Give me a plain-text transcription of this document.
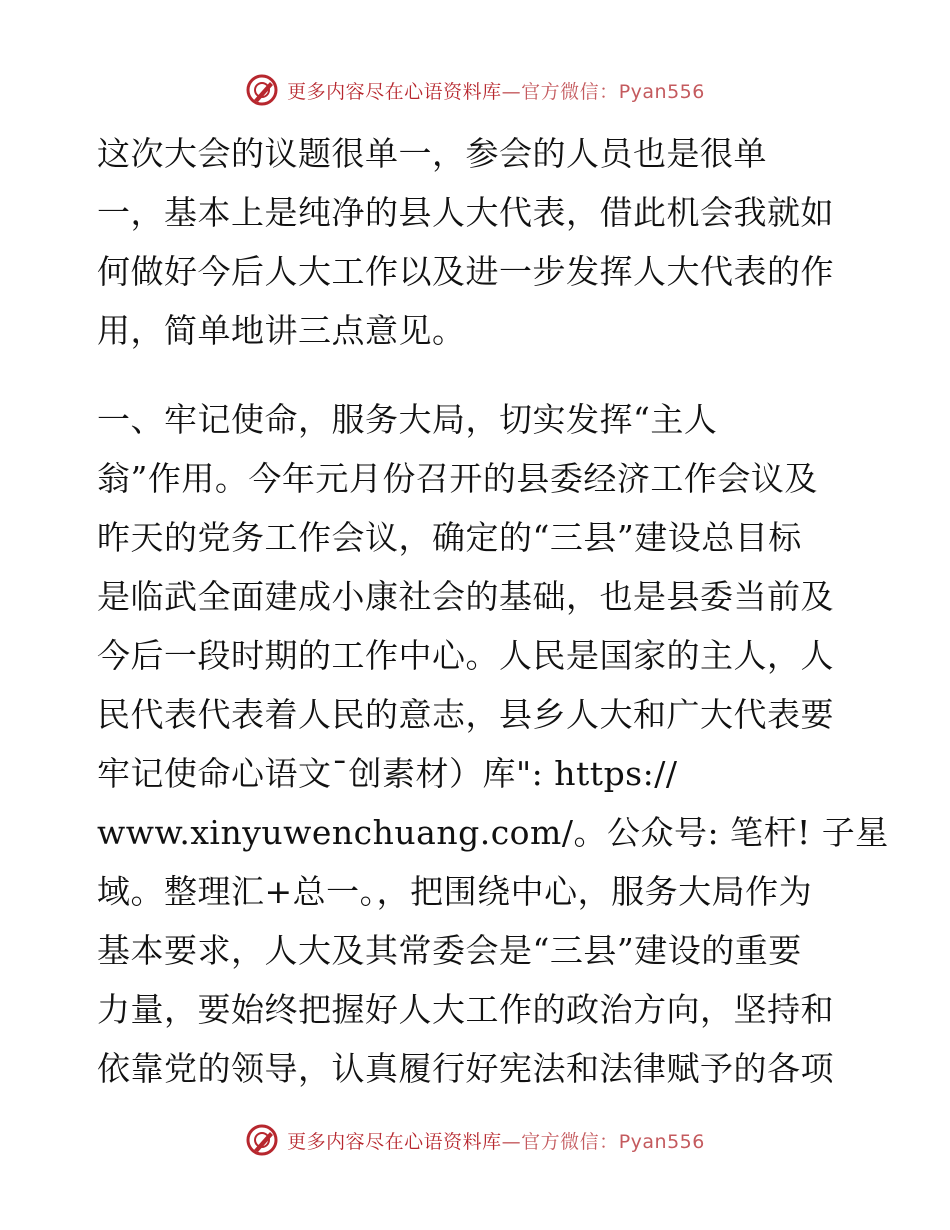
更多内容尽在心语资料库—官方微信：Pyan556
这次大会的议题很单一，参会的人员也是很单
一，基本上是纯净的县人大代表，借此机会我就如
何做好今后人大工作以及进一步发挥人大代表的作
用，简单地讲三点意见。
一、牢记使命，服务大局，切实发挥“主人
翁”作用。今年元月份召开的县委经济工作会议及
昨天的党务工作会议，确定的“三县”建设总目标
是临武全面建成小康社会的基础，也是县委当前及
今后一段时期的工作中心。人民是国家的主人，人
民代表代表着人民的意志，县乡人大和广大代表要
牢记使命心语文¯创素材）库": https://
www.xinyuwenchuang.com/。公众号: 笔杆! 子星
域。整理汇+总一。，把围绕中心，服务大局作为
基本要求，人大及其常委会是“三县”建设的重要
力量，要始终把握好人大工作的政治方向，坚持和
依靠党的领导，认真履行好宪法和法律赋予的各项
更多内容尽在心语资料库—官方微信：Pyan556
